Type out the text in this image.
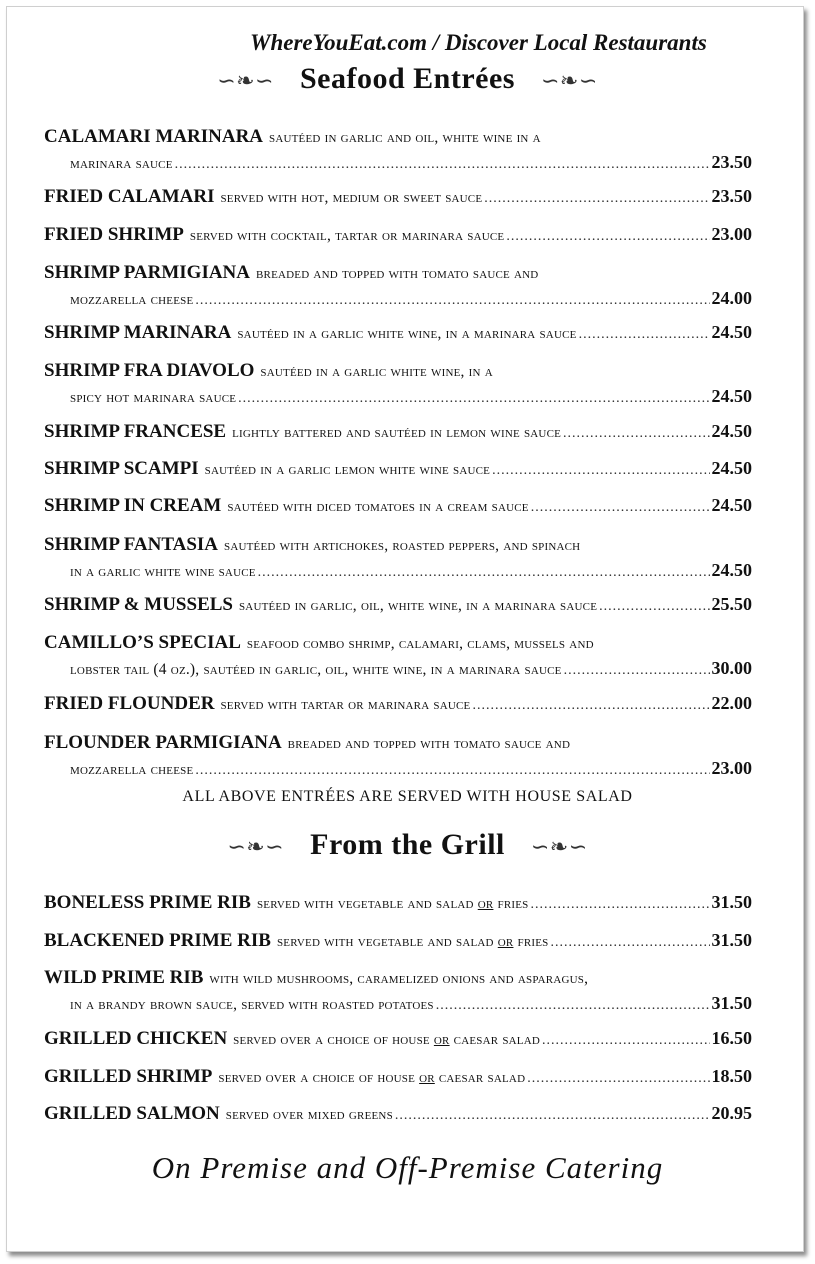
WhereYouEat.com / Discover Local Restaurants
∽❧∽ Seafood Entrées ∽❧∽
CALAMARI MARINARA sautéed in garlic and oil, white wine in a
marinara sauce .....	23.50
FRIED CALAMARI served with hot, medium or sweet sauce .....	23.50
FRIED SHRIMP served with cocktail, tartar or marinara sauce .....	23.00
SHRIMP PARMIGIANA breaded and topped with tomato sauce and
mozzarella cheese .....	24.00
SHRIMP MARINARA sautéed in a garlic white wine, in a marinara sauce .....	24.50
SHRIMP FRA DIAVOLO sautéed in a garlic white wine, in a
spicy hot marinara sauce .....	24.50
SHRIMP FRANCESE lightly battered and sautéed in lemon wine sauce .....	24.50
SHRIMP SCAMPI sautéed in a garlic lemon white wine sauce .....	24.50
SHRIMP IN CREAM sautéed with diced tomatoes in a cream sauce .....	24.50
SHRIMP FANTASIA sautéed with artichokes, roasted peppers, and spinach
in a garlic white wine sauce .....	24.50
SHRIMP & MUSSELS sautéed in garlic, oil, white wine, in a marinara sauce .....	25.50
CAMILLO’S SPECIAL seafood combo shrimp, calamari, clams, mussels and
lobster tail (4 oz.), sautéed in garlic, oil, white wine, in a marinara sauce .....	30.00
FRIED FLOUNDER served with tartar or marinara sauce .....	22.00
FLOUNDER PARMIGIANA breaded and topped with tomato sauce and
mozzarella cheese .....	23.00
ALL ABOVE ENTRÉES ARE SERVED WITH HOUSE SALAD
∽❧∽ From the Grill ∽❧∽
BONELESS PRIME RIB served with vegetable and salad or fries .....	31.50
BLACKENED PRIME RIB served with vegetable and salad or fries .....	31.50
WILD PRIME RIB with wild mushrooms, caramelized onions and asparagus,
in a brandy brown sauce, served with roasted potatoes .....	31.50
GRILLED CHICKEN served over a choice of house or caesar salad .....	16.50
GRILLED SHRIMP served over a choice of house or caesar salad .....	18.50
GRILLED SALMON served over mixed greens .....	20.95
On Premise and Off-Premise Catering
